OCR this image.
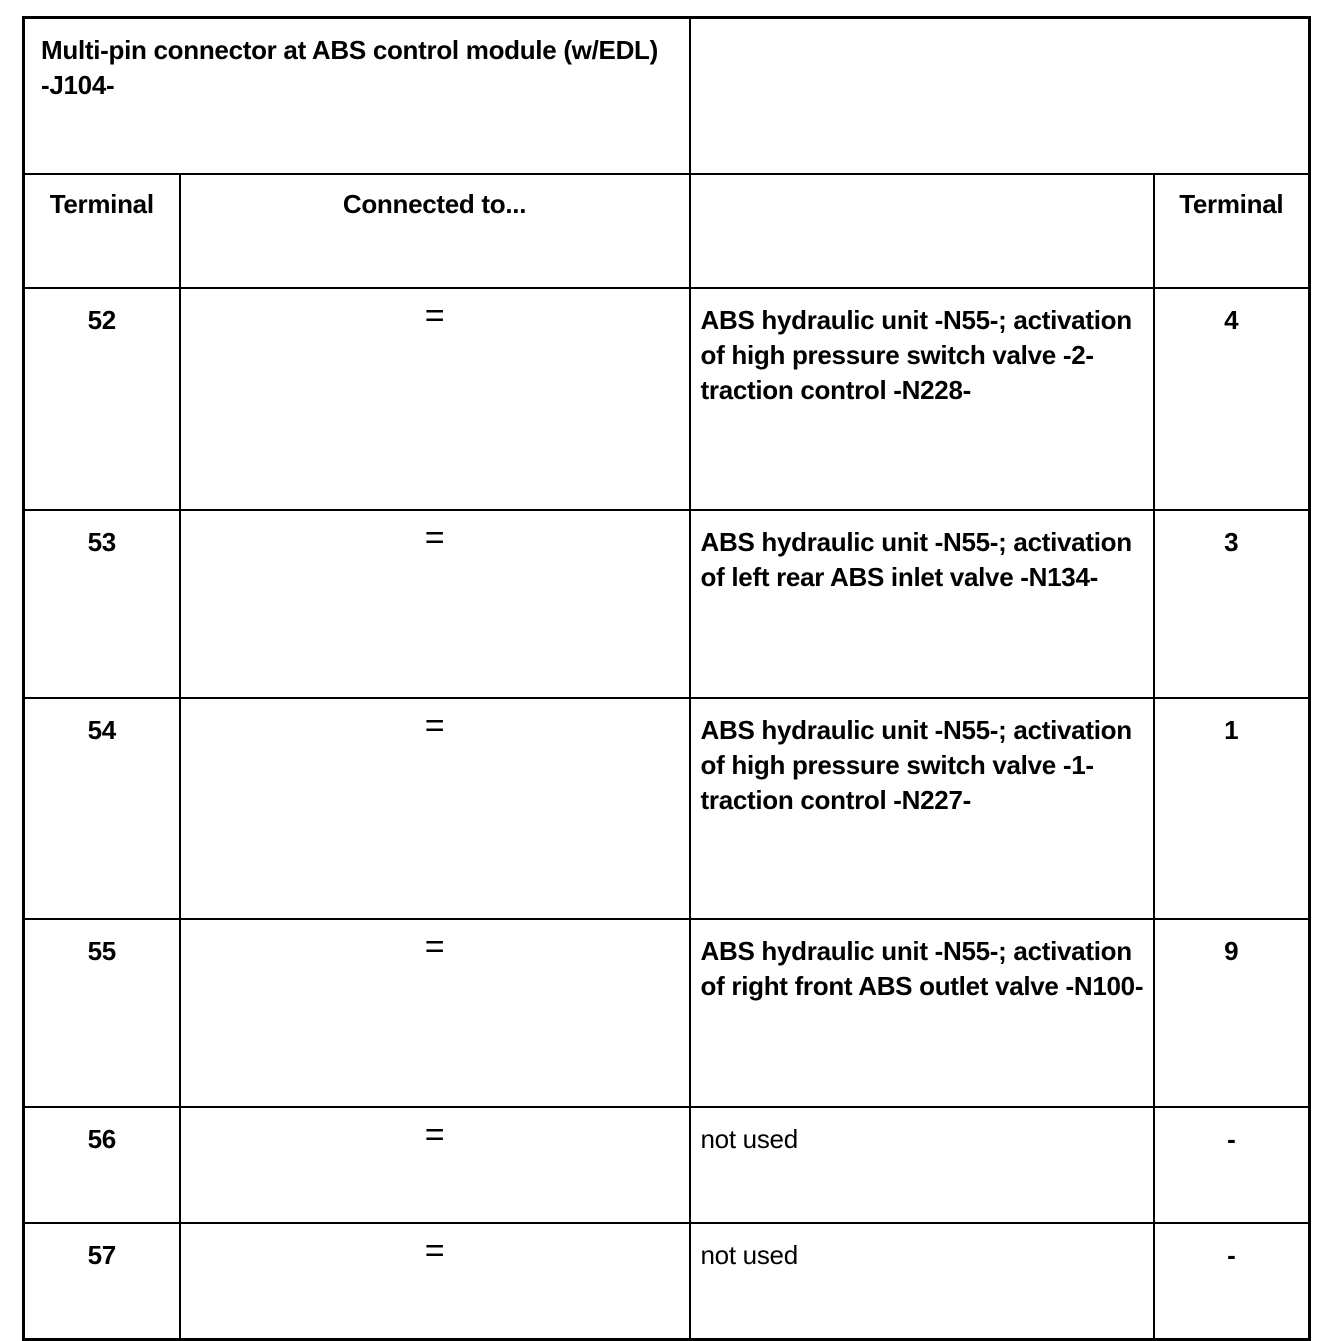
Multi-pin connector at ABS control module (w/EDL) -J104-			
Terminal	Connected to...		Terminal
52	=	ABS hydraulic unit -N55-; activation of high pressure switch valve -2- traction control -N228-	4
53	=	ABS hydraulic unit -N55-; activation of left rear ABS inlet valve -N134-	3
54	=	ABS hydraulic unit -N55-; activation of high pressure switch valve -1- traction control -N227-	1
55	=	ABS hydraulic unit -N55-; activation of right front ABS outlet valve -N100-	9
56	=	not used	-
57	=	not used	-
